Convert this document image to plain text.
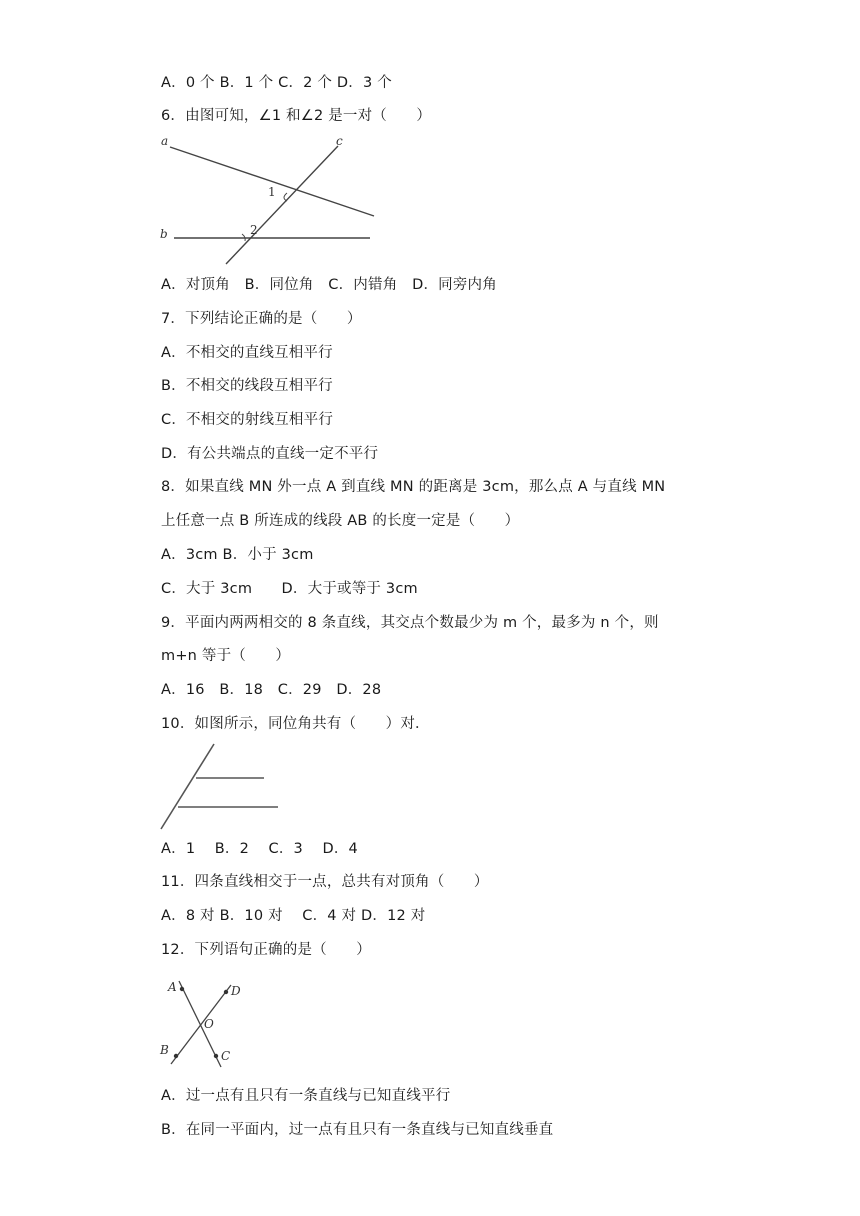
A．0 个 B．1 个 C．2 个 D．3 个
6．由图可知，∠1 和∠2 是一对（　　）
a
b
c
1
2
A．对顶角　B．同位角　C．内错角　D．同旁内角
7．下列结论正确的是（　　）
A．不相交的直线互相平行
B．不相交的线段互相平行
C．不相交的射线互相平行
D．有公共端点的直线一定不平行
8．如果直线 MN 外一点 A 到直线 MN 的距离是 3cm，那么点 A 与直线 MN
上任意一点 B 所连成的线段 AB 的长度一定是（　　）
A．3cm B．小于 3cm
C．大于 3cm　　D．大于或等于 3cm
9．平面内两两相交的 8 条直线，其交点个数最少为 m 个，最多为 n 个，则
m+n 等于（　　）
A．16　B．18　C．29　D．28
10．如图所示，同位角共有（　　）对．
A．1　 B．2　 C．3　 D．4
11．四条直线相交于一点，总共有对顶角（　　）
A．8 对 B．10 对　 C．4 对 D．12 对
12．下列语句正确的是（　　）
A	D
O
B	C
A．过一点有且只有一条直线与已知直线平行
B．在同一平面内，过一点有且只有一条直线与已知直线垂直
